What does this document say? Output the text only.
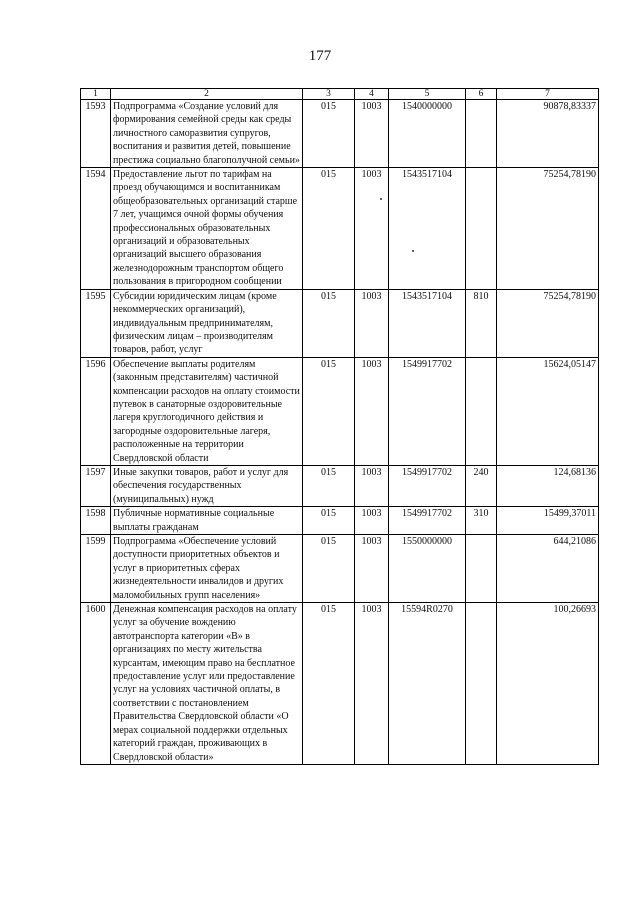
177
1	2	3	4	5	6	7
1593	Подпрограмма «Создание условий для формирования семейной среды как среды личностного саморазвития супругов, воспитания и развития детей, повышение престижа социально благополучной семьи»	015	1003	1540000000		90878,83337
1594	Предоставление льгот по тарифам на проезд обучающимся и воспитанникам общеобразовательных организаций старше 7 лет, учащимся очной формы обучения профессиональных образовательных организаций и образовательных организаций высшего образования железнодорожным транспортом общего пользования в пригородном сообщении	015	1003	1543517104		75254,78190
1595	Субсидии юридическим лицам (кроме некоммерческих организаций), индивидуальным предпринимателям, физическим лицам – производителям товаров, работ, услуг	015	1003	1543517104	810	75254,78190
1596	Обеспечение выплаты родителям (законным представителям) частичной компенсации расходов на оплату стоимости путевок в санаторные оздоровительные лагеря круглогодичного действия и загородные оздоровительные лагеря, расположенные на территории Свердловской области	015	1003	1549917702		15624,05147
1597	Иные закупки товаров, работ и услуг для обеспечения государственных (муниципальных) нужд	015	1003	1549917702	240	124,68136
1598	Публичные нормативные социальные выплаты гражданам	015	1003	1549917702	310	15499,37011
1599	Подпрограмма «Обеспечение условий доступности приоритетных объектов и услуг в приоритетных сферах жизнедеятельности инвалидов и других маломобильных групп населения»	015	1003	1550000000		644,21086
1600	Денежная компенсация расходов на оплату услуг за обучение вождению автотранспорта категории «В» в организациях по месту жительства курсантам, имеющим право на бесплатное предоставление услуг или предоставление услуг на условиях частичной оплаты, в соответствии с постановлением Правительства Свердловской области «О мерах социальной поддержки отдельных категорий граждан, проживающих в Свердловской области»	015	1003	15594R0270		100,26693
